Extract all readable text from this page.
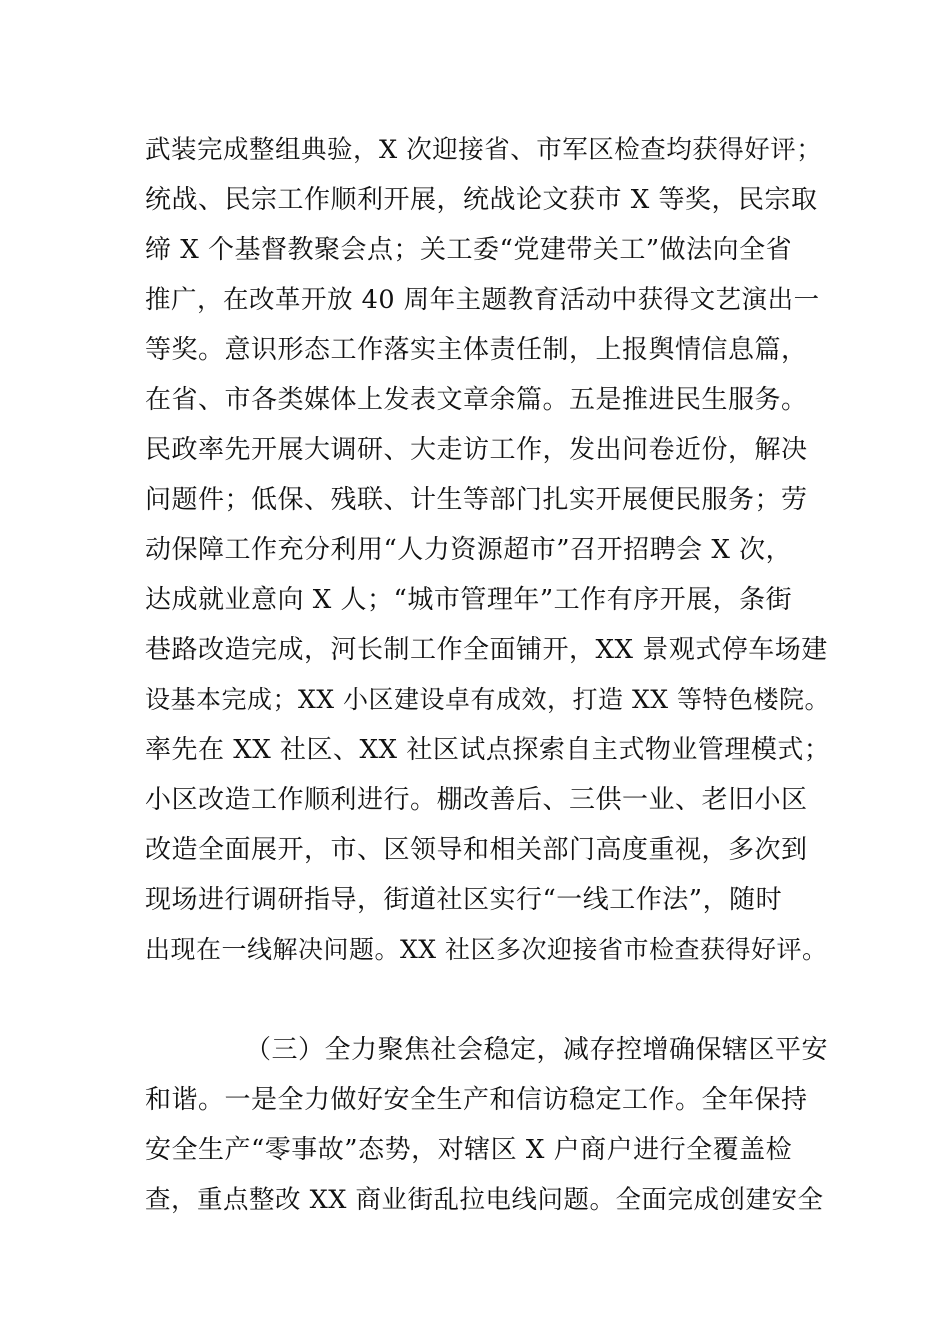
武装完成整组典验，X 次迎接省、市军区检查均获得好评；

统战、民宗工作顺利开展，统战论文获市 X 等奖，民宗取

缔 X 个基督教聚会点；关工委“党建带关工”做法向全省

推广，在改革开放 40 周年主题教育活动中获得文艺演出一

等奖。意识形态工作落实主体责任制，上报舆情信息篇，

在省、市各类媒体上发表文章余篇。五是推进民生服务。

民政率先开展大调研、大走访工作，发出问卷近份，解决

问题件；低保、残联、计生等部门扎实开展便民服务；劳

动保障工作充分利用“人力资源超市”召开招聘会 X 次，

达成就业意向 X 人；“城市管理年”工作有序开展，条街

巷路改造完成，河长制工作全面铺开，XX 景观式停车场建

设基本完成；XX 小区建设卓有成效，打造 XX 等特色楼院。

率先在 XX 社区、XX 社区试点探索自主式物业管理模式；

小区改造工作顺利进行。棚改善后、三供一业、老旧小区

改造全面展开，市、区领导和相关部门高度重视，多次到

现场进行调研指导，街道社区实行“一线工作法”，随时

出现在一线解决问题。XX 社区多次迎接省市检查获得好评。

（三）全力聚焦社会稳定，减存控增确保辖区平安

和谐。一是全力做好安全生产和信访稳定工作。全年保持

安全生产“零事故”态势，对辖区 X 户商户进行全覆盖检

查，重点整改 XX 商业街乱拉电线问题。全面完成创建安全
